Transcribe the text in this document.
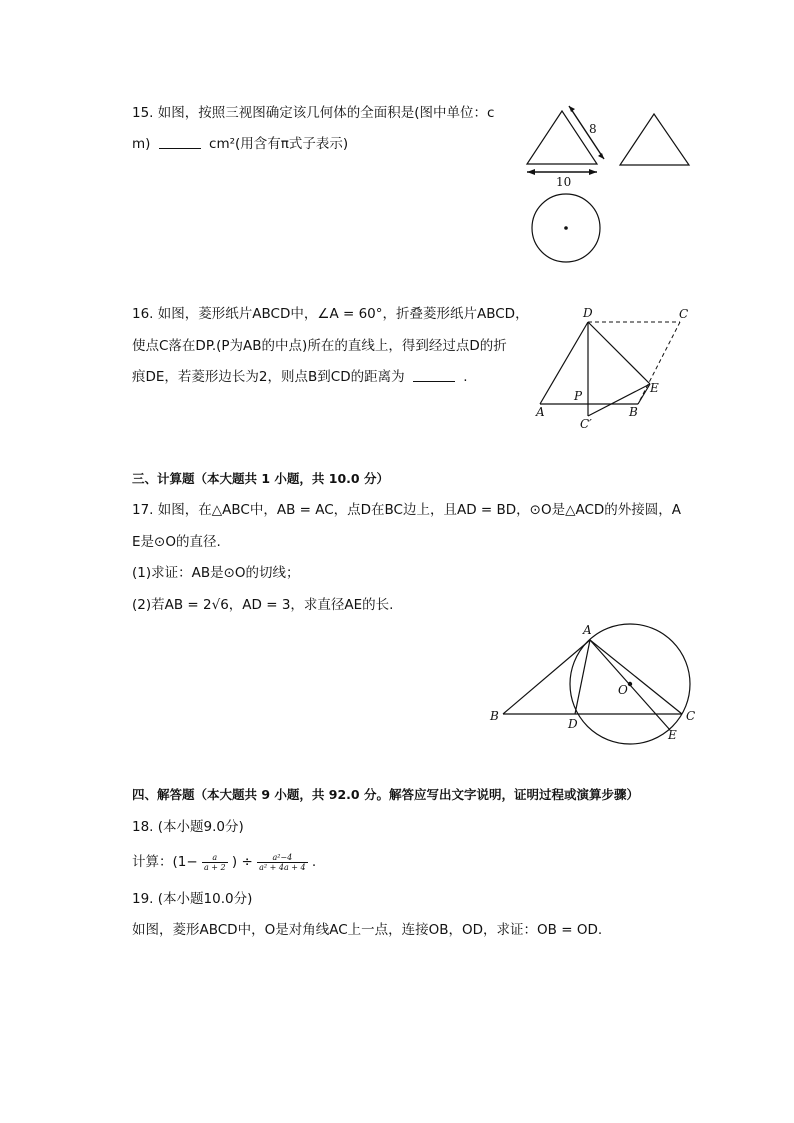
15. 如图，按照三视图确定该几何体的全面积是(图中单位：c
m)	cm²(用含有π式子表示)
8
10
16. 如图，菱形纸片ABCD中，∠A = 60°，折叠菱形纸片ABCD，
使点C落在DP.(P为AB的中点)所在的直线上，得到经过点D的折
痕DE，若菱形边长为2，则点B到CD的距离为	.
D	C
E
A
P
B
C′
三、计算题（本大题共 1 小题，共 10.0 分）
17. 如图，在△ABC中，AB = AC，点D在BC边上，且AD = BD，⊙O是△ACD的外接圆，A
E是⊙O的直径.
(1)求证：AB是⊙O的切线；
(2)若AB = 2√6，AD = 3，求直径AE的长.
A
B	C
D
E
O
四、解答题（本大题共 9 小题，共 92.0 分。解答应写出文字说明，证明过程或演算步骤）
18. (本小题9.0分)
计算：($1- \frac{a}{a + 2}$ ) ÷ $\frac{\text{a²−4}}{\text{a² + 4a + 4}}$ .
19. (本小题10.0分)
如图，菱形ABCD中，O是对角线AC上一点，连接OB，OD，求证：OB = OD.
